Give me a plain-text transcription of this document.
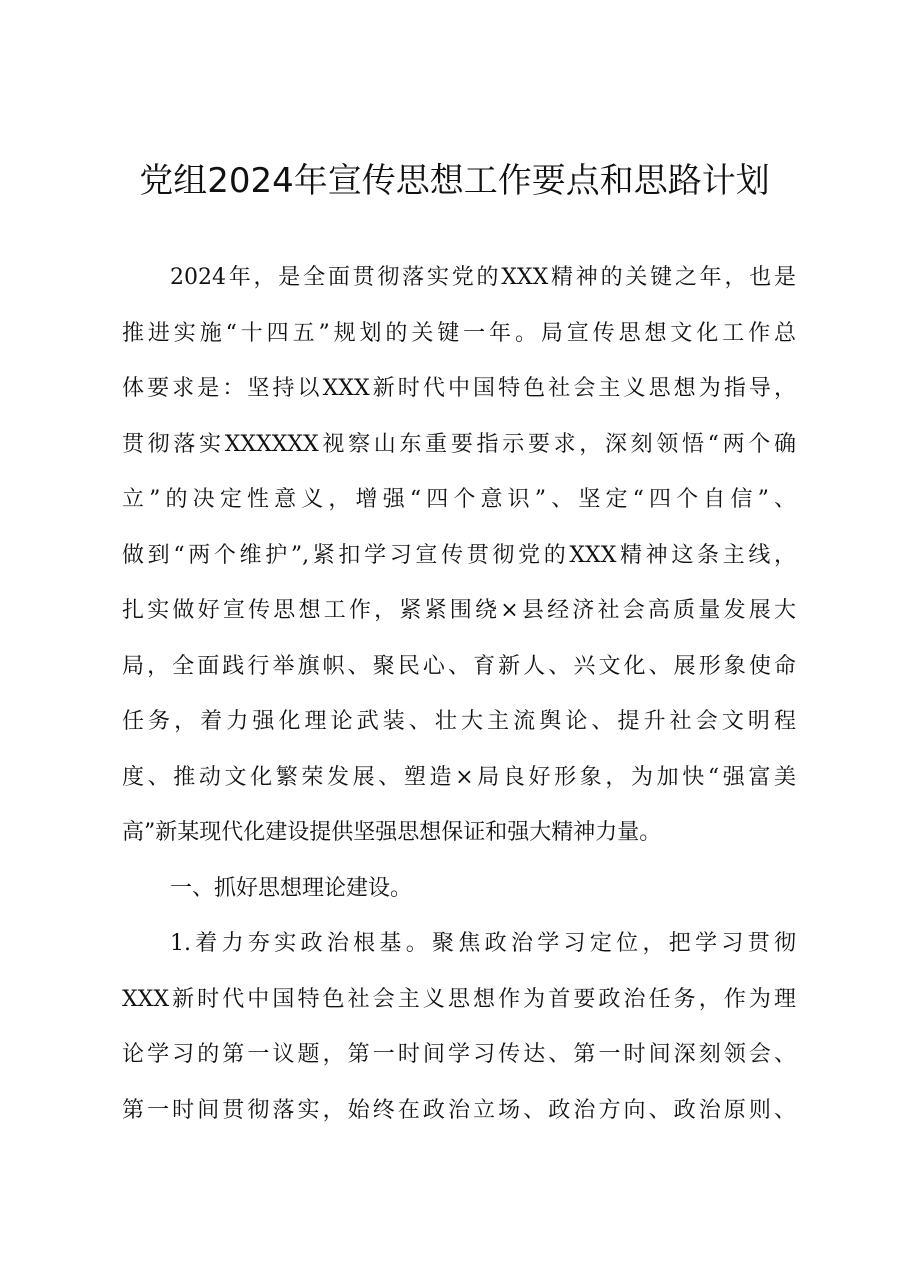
党组2024年宣传思想工作要点和思路计划
2024年，是全面贯彻落实党的XXX精神的关键之年，也是
推进实施“十四五”规划的关键一年。局宣传思想文化工作总
体要求是：坚持以XXX新时代中国特色社会主义思想为指导，
贯彻落实XXXXXX视察山东重要指示要求，深刻领悟“两个确
立”的决定性意义，增强“四个意识”、坚定“四个自信”、
做到“两个维护”,紧扣学习宣传贯彻党的XXX精神这条主线，
扎实做好宣传思想工作，紧紧围绕×县经济社会高质量发展大
局，全面践行举旗帜、聚民心、育新人、兴文化、展形象使命
任务，着力强化理论武装、壮大主流舆论、提升社会文明程
度、推动文化繁荣发展、塑造×局良好形象，为加快“强富美
高”新某现代化建设提供坚强思想保证和强大精神力量。
一、抓好思想理论建设。
1.着力夯实政治根基。聚焦政治学习定位，把学习贯彻
XXX新时代中国特色社会主义思想作为首要政治任务，作为理
论学习的第一议题，第一时间学习传达、第一时间深刻领会、
第一时间贯彻落实，始终在政治立场、政治方向、政治原则、
